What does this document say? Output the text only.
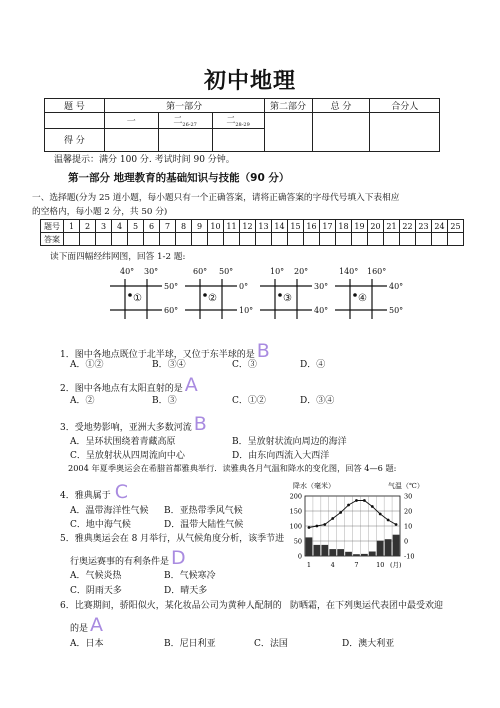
初中地理
题 号	第一部分			第二部分	总 分	合分人
	一	二$_{26-27}$	二$_{28-29}$			
得 分						
温馨提示：满分 100 分. 考试时间 90 分钟。
第一部分 地理教育的基础知识与技能（90 分）
一、选择题(分为 25 道小题，每小题只有一个正确答案，请将正确答案的字母代号填入下表相应
的空格内，每小题 2 分，共 50 分)
题号	1	2	3	4	5	6	7	8	9	10	11	12	13	14	15	16	17	18	19	20	21	22	23	24	25
答案																									
读下面四幅经纬网图，回答 1-2 题:
40° 30°
①
50°
60°
60° 50°
②
0°
10°
10° 20°
③
30°
40°
140° 160°
④
40°
50°
1．图中各地点既位于北半球，又位于东半球的是 B
A．①②	B．③④	C．③	D．④
2．图中各地点有太阳直射的是 A
A．②	B．③	C．①②	D．③④
3．受地势影响，亚洲大多数河流 B
A．呈环状围绕着青藏高原	B．呈放射状流向周边的海洋
C．呈放射状从四周流向中心	D．由东向西流入大西洋
2004 年夏季奥运会在希腊首都雅典举行．读雅典各月气温和降水的变化图，回答 4—6 题:
4．雅典属于 C
A．温带海洋性气候 B．亚热带季风气候
C．地中海气候	D．温带大陆性气候
5．雅典奥运会在 8 月举行，从气候角度分析，该季节进
行奥运赛事的有利条件是 D
A．气候炎热	B．气候寒冷
C．阴雨天多	D．晴天多
6．比赛期间，骄阳似火，某化妆品公司为黄种人配制的 防晒霜，在下列奥运代表团中最受欢迎
的是 A
A．日本	B．尼日利亚	C．法国	D．澳大利亚
降水（毫米）	气温（℃）
200
150
100
50
0
30
20
10
0
-10
1	4	7	10 (月)
